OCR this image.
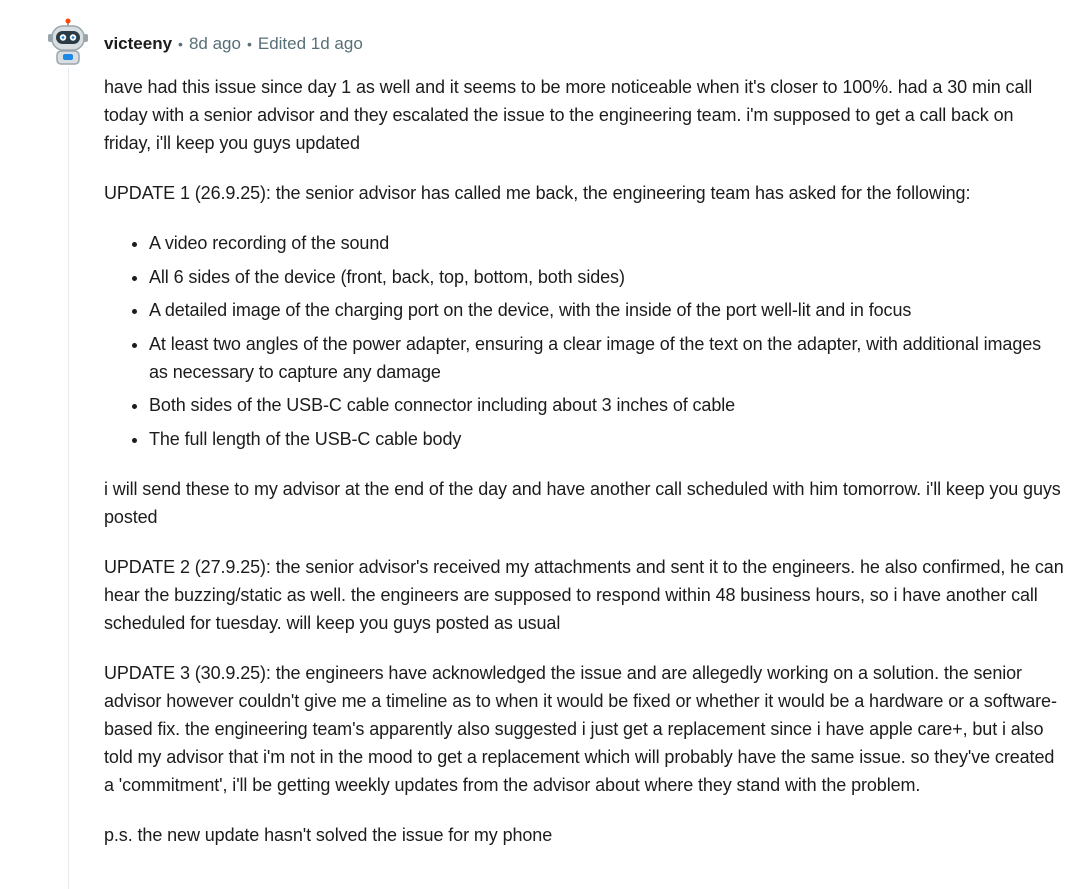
victeeny • 8d ago • Edited 1d ago

have had this issue since day 1 as well and it seems to be more noticeable when it's closer to 100%. had a 30 min call today with a senior advisor and they escalated the issue to the engineering team. i'm supposed to get a call back on friday, i'll keep you guys updated

UPDATE 1 (26.9.25): the senior advisor has called me back, the engineering team has asked for the following:

• A video recording of the sound
• All 6 sides of the device (front, back, top, bottom, both sides)
• A detailed image of the charging port on the device, with the inside of the port well-lit and in focus
• At least two angles of the power adapter, ensuring a clear image of the text on the adapter, with additional images as necessary to capture any damage
• Both sides of the USB-C cable connector including about 3 inches of cable
• The full length of the USB-C cable body

i will send these to my advisor at the end of the day and have another call scheduled with him tomorrow. i'll keep you guys posted

UPDATE 2 (27.9.25): the senior advisor's received my attachments and sent it to the engineers. he also confirmed, he can hear the buzzing/static as well. the engineers are supposed to respond within 48 business hours, so i have another call scheduled for tuesday. will keep you guys posted as usual

UPDATE 3 (30.9.25): the engineers have acknowledged the issue and are allegedly working on a solution. the senior advisor however couldn't give me a timeline as to when it would be fixed or whether it would be a hardware or a software-based fix. the engineering team's apparently also suggested i just get a replacement since i have apple care+, but i also told my advisor that i'm not in the mood to get a replacement which will probably have the same issue. so they've created a 'commitment', i'll be getting weekly updates from the advisor about where they stand with the problem.

p.s. the new update hasn't solved the issue for my phone
